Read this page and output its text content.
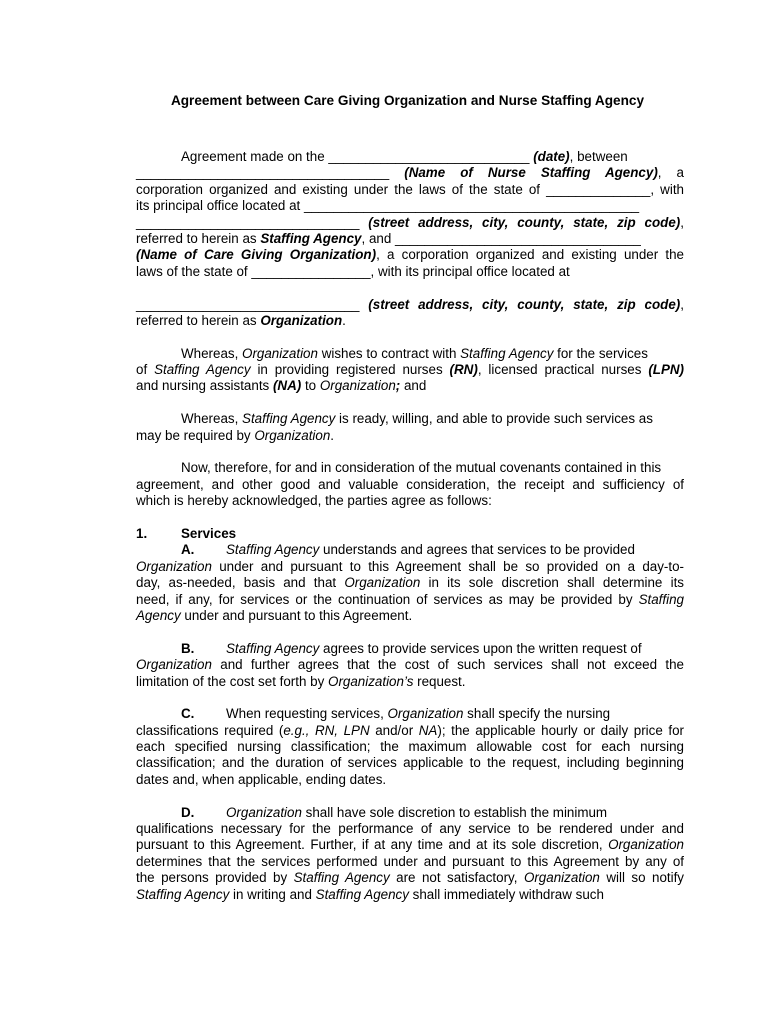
Agreement between Care Giving Organization and Nurse Staffing Agency
Agreement made on the ___________________________ (date), between
__________________________________ (Name of Nurse Staffing Agency), a
corporation organized and existing under the laws of the state of ______________, with
its principal office located at _____________________________________________
______________________________ (street address, city, county, state, zip code),
referred to herein as Staffing Agency, and _________________________________
(Name of Care Giving Organization), a corporation organized and existing under the
laws of the state of ________________, with its principal office located at
______________________________ (street address, city, county, state, zip code),
referred to herein as Organization.
Whereas, Organization wishes to contract with Staffing Agency for the services
of Staffing Agency in providing registered nurses (RN), licensed practical nurses (LPN)
and nursing assistants (NA) to Organization; and
Whereas, Staffing Agency is ready, willing, and able to provide such services as
may be required by Organization.
Now, therefore, for and in consideration of the mutual covenants contained in this
agreement, and other good and valuable consideration, the receipt and sufficiency of
which is hereby acknowledged, the parties agree as follows:
1.	Services
A. Staffing Agency understands and agrees that services to be provided
Organization under and pursuant to this Agreement shall be so provided on a day-to-
day, as-needed, basis and that Organization in its sole discretion shall determine its
need, if any, for services or the continuation of services as may be provided by Staffing
Agency under and pursuant to this Agreement.
B. Staffing Agency agrees to provide services upon the written request of
Organization and further agrees that the cost of such services shall not exceed the
limitation of the cost set forth by Organization’s request.
C. When requesting services, Organization shall specify the nursing
classifications required (e.g., RN, LPN and/or NA); the applicable hourly or daily price for
each specified nursing classification; the maximum allowable cost for each nursing
classification; and the duration of services applicable to the request, including beginning
dates and, when applicable, ending dates.
D. Organization shall have sole discretion to establish the minimum
qualifications necessary for the performance of any service to be rendered under and
pursuant to this Agreement. Further, if at any time and at its sole discretion, Organization
determines that the services performed under and pursuant to this Agreement by any of
the persons provided by Staffing Agency are not satisfactory, Organization will so notify
Staffing Agency in writing and Staffing Agency shall immediately withdraw such
